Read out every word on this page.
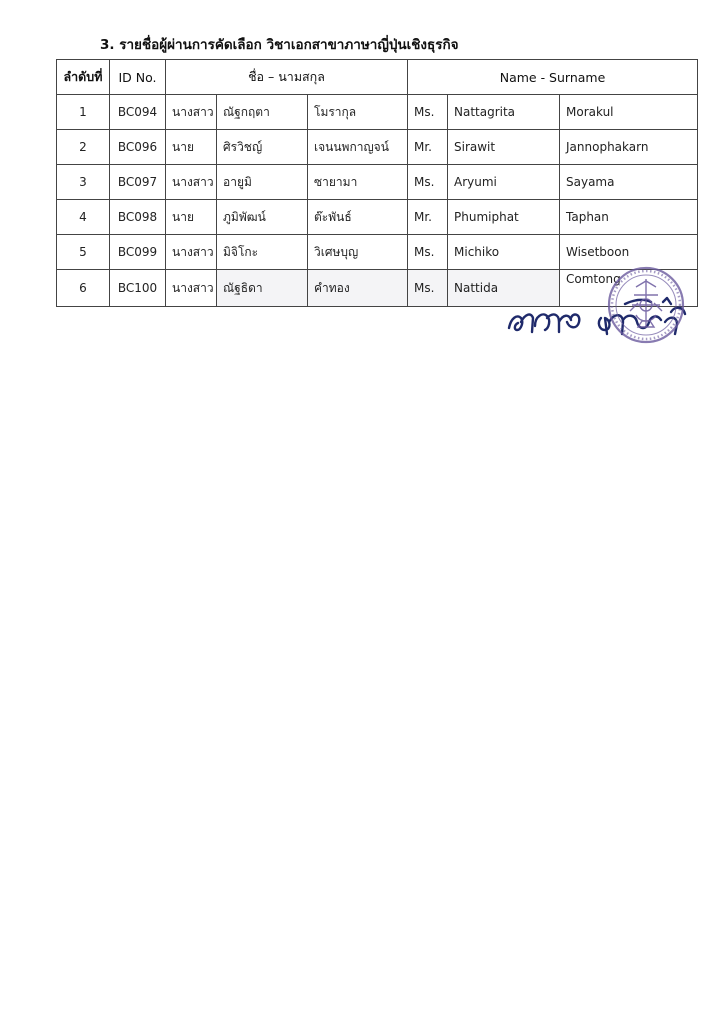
3. รายชื่อผู้ผ่านการคัดเลือก วิชาเอกสาขาภาษาญี่ปุ่นเชิงธุรกิจ
ลำดับที่	ID No.	ชื่อ – นามสกุล			Name - Surname		
1	BC094	นางสาว	ณัฐกฤตา	โมรากุล	Ms.	Nattagrita	Morakul
2	BC096	นาย	ศิรวิชญ์	เจนนพกาญจน์	Mr.	Sirawit	Jannophakarn
3	BC097	นางสาว	อายูมิ	ซายามา	Ms.	Aryumi	Sayama
4	BC098	นาย	ภูมิพัฒน์	ต๊ะพันธ์	Mr.	Phumiphat	Taphan
5	BC099	นางสาว	มิจิโกะ	วิเศษบุญ	Ms.	Michiko	Wisetboon
6	BC100	นางสาว	ณัฐธิดา	คำทอง	Ms.	Nattida	Comtong
